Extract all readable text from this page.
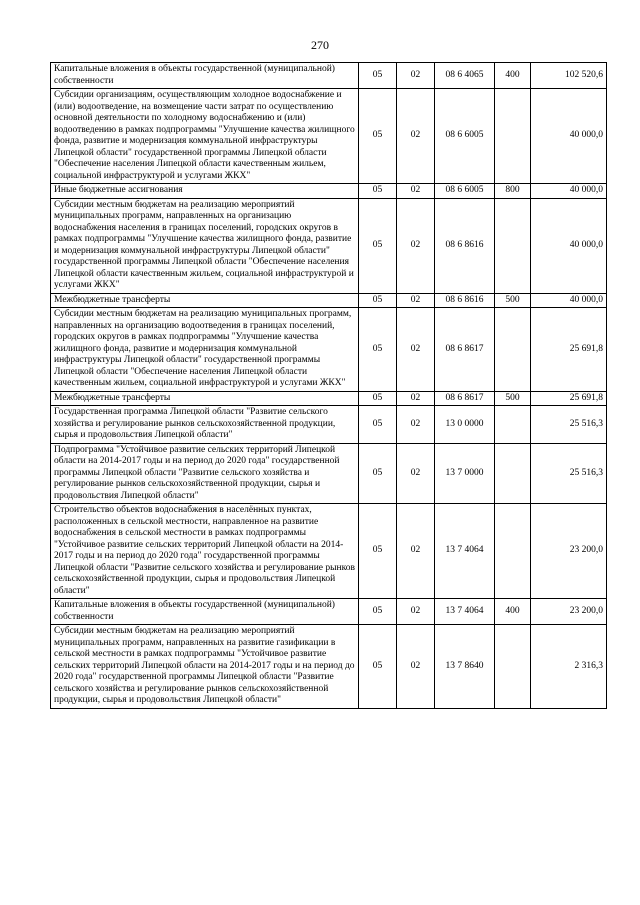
270
Капитальные вложения в объекты государственной (муниципальной) собственности	05	02	08 6 4065	400	102 520,6
Субсидии организациям, осуществляющим холодное водоснабжение и (или) водоотведение, на возмещение части затрат по осуществлению основной деятельности по холодному водоснабжению и (или) водоотведению в рамках подпрограммы "Улучшение качества жилищного фонда, развитие и модернизация коммунальной инфраструктуры Липецкой области" государственной программы Липецкой области "Обеспечение населения Липецкой области качественным жильем, социальной инфраструктурой и услугами ЖКХ"	05	02	08 6 6005		40 000,0
Иные бюджетные ассигнования	05	02	08 6 6005	800	40 000,0
Субсидии местным бюджетам на реализацию мероприятий муниципальных программ, направленных на организацию водоснабжения населения в границах поселений, городских округов в рамках подпрограммы "Улучшение качества жилищного фонда, развитие и модернизация коммунальной инфраструктуры Липецкой области" государственной программы Липецкой области "Обеспечение населения Липецкой области качественным жильем, социальной инфраструктурой и услугами ЖКХ"	05	02	08 6 8616		40 000,0
Межбюджетные трансферты	05	02	08 6 8616	500	40 000,0
Субсидии местным бюджетам на реализацию муниципальных программ, направленных на организацию водоотведения в границах поселений, городских округов в рамках подпрограммы "Улучшение качества жилищного фонда, развитие и модернизация коммунальной инфраструктуры Липецкой области" государственной программы Липецкой области "Обеспечение населения Липецкой области качественным жильем, социальной инфраструктурой и услугами ЖКХ"	05	02	08 6 8617		25 691,8
Межбюджетные трансферты	05	02	08 6 8617	500	25 691,8
Государственная программа Липецкой области "Развитие сельского хозяйства и регулирование рынков сельскохозяйственной продукции, сырья и продовольствия Липецкой области"	05	02	13 0 0000		25 516,3
Подпрограмма "Устойчивое развитие сельских территорий Липецкой области на 2014-2017 годы и на период до 2020 года" государственной программы Липецкой области "Развитие сельского хозяйства и регулирование рынков сельскохозяйственной продукции, сырья и продовольствия Липецкой области"	05	02	13 7 0000		25 516,3
Строительство объектов водоснабжения в населённых пунктах, расположенных в сельской местности, направленное на развитие водоснабжения в сельской местности в рамках подпрограммы "Устойчивое развитие сельских территорий Липецкой области на 2014-2017 годы и на период до 2020 года" государственной программы Липецкой области "Развитие сельского хозяйства и регулирование рынков сельскохозяйственной продукции, сырья и продовольствия Липецкой области"	05	02	13 7 4064		23 200,0
Капитальные вложения в объекты государственной (муниципальной) собственности	05	02	13 7 4064	400	23 200,0
Субсидии местным бюджетам на реализацию мероприятий муниципальных программ, направленных на развитие газификации в сельской местности в рамках подпрограммы "Устойчивое развитие сельских территорий Липецкой области на 2014-2017 годы и на период до 2020 года" государственной программы Липецкой области "Развитие сельского хозяйства и регулирование рынков сельскохозяйственной продукции, сырья и продовольствия Липецкой области"	05	02	13 7 8640		2 316,3
